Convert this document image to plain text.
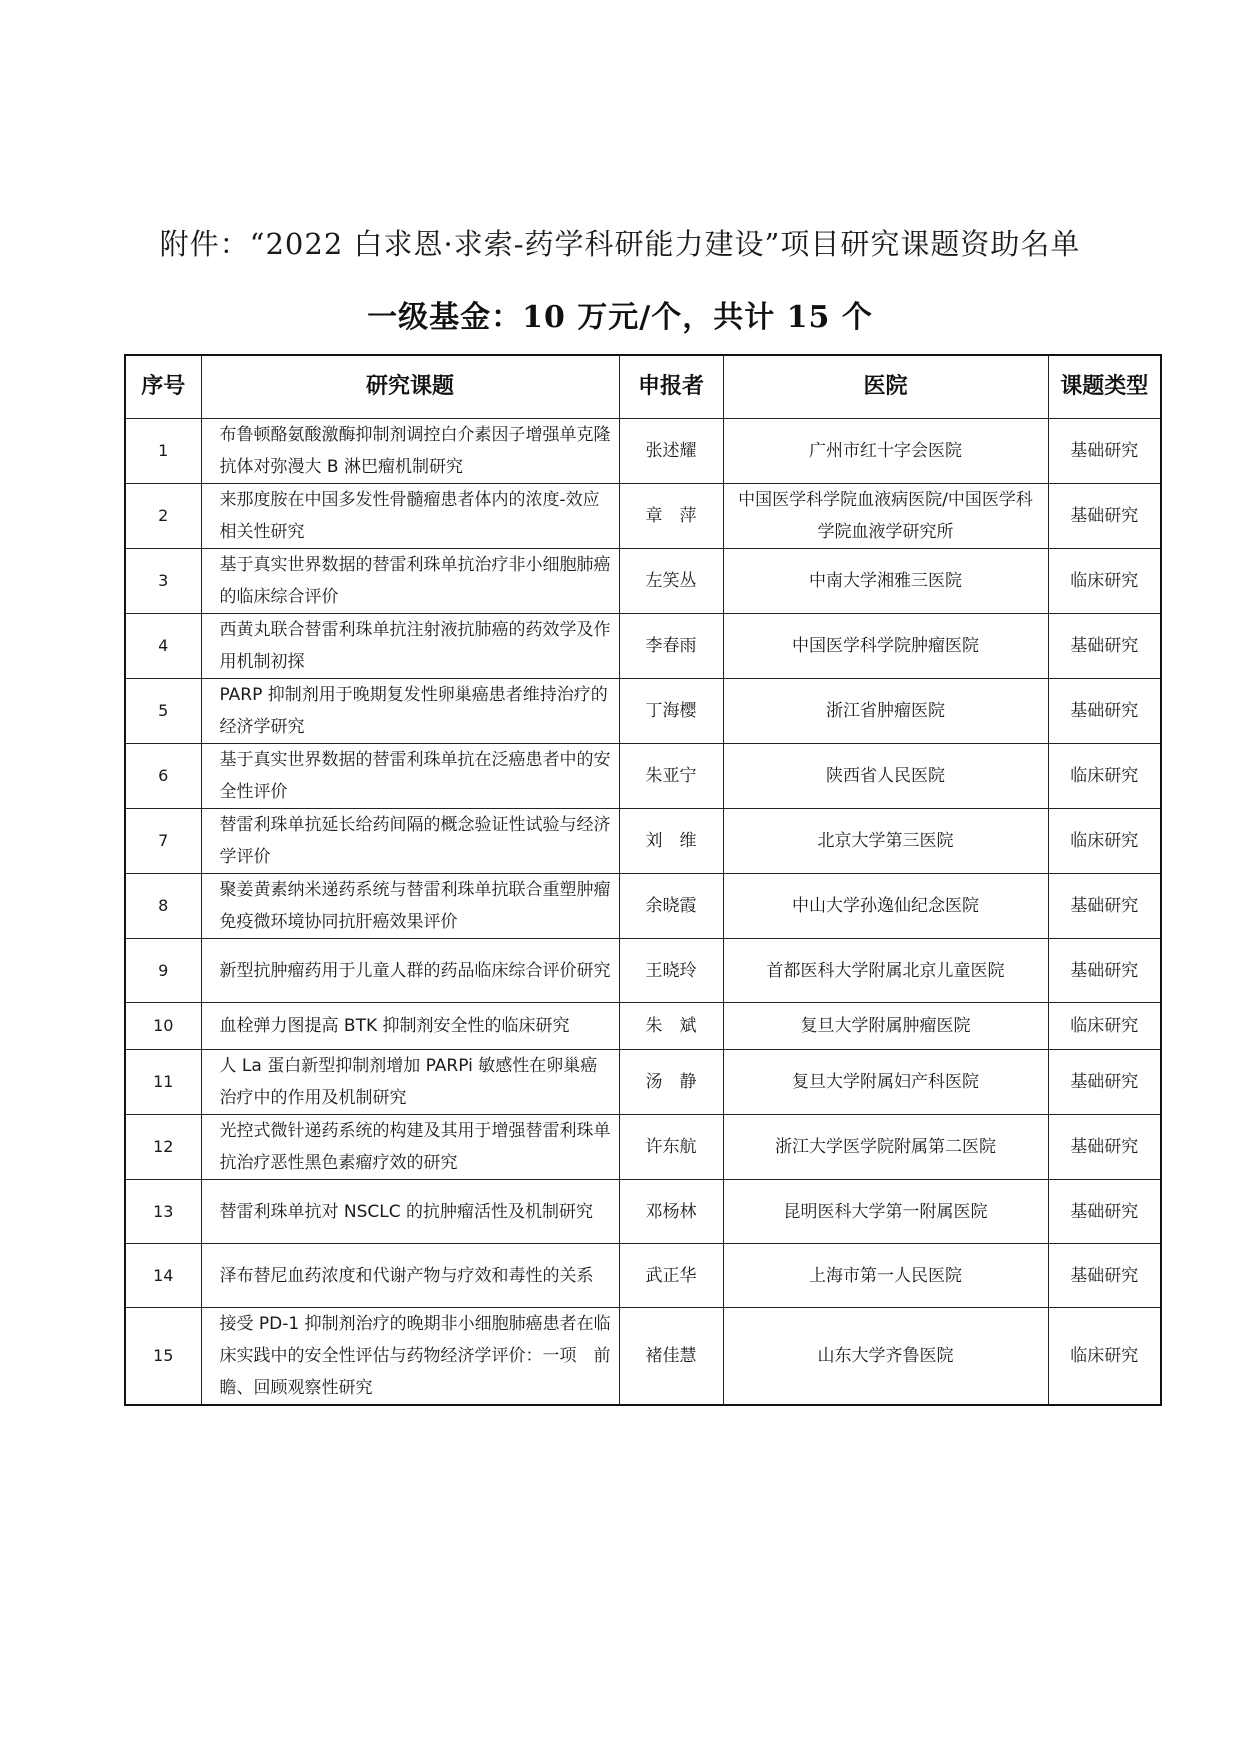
附件：“2022 白求恩·求索-药学科研能力建设”项目研究课题资助名单
一级基金：10 万元/个，共计 15 个
序号	研究课题	申报者	医院	课题类型
1	布鲁顿酪氨酸激酶抑制剂调控白介素因子增强单克隆抗体对弥漫大 B 淋巴瘤机制研究	张述耀	广州市红十字会医院	基础研究
2	来那度胺在中国多发性骨髓瘤患者体内的浓度-效应相关性研究	章　萍	中国医学科学院血液病医院/中国医学科学院血液学研究所	基础研究
3	基于真实世界数据的替雷利珠单抗治疗非小细胞肺癌的临床综合评价	左笑丛	中南大学湘雅三医院	临床研究
4	西黄丸联合替雷利珠单抗注射液抗肺癌的药效学及作用机制初探	李春雨	中国医学科学院肿瘤医院	基础研究
5	PARP 抑制剂用于晚期复发性卵巢癌患者维持治疗的经济学研究	丁海樱	浙江省肿瘤医院	基础研究
6	基于真实世界数据的替雷利珠单抗在泛癌患者中的安全性评价	朱亚宁	陕西省人民医院	临床研究
7	替雷利珠单抗延长给药间隔的概念验证性试验与经济学评价	刘　维	北京大学第三医院	临床研究
8	聚姜黄素纳米递药系统与替雷利珠单抗联合重塑肿瘤免疫微环境协同抗肝癌效果评价	余晓霞	中山大学孙逸仙纪念医院	基础研究
9	新型抗肿瘤药用于儿童人群的药品临床综合评价研究	王晓玲	首都医科大学附属北京儿童医院	基础研究
10	血栓弹力图提高 BTK 抑制剂安全性的临床研究	朱　斌	复旦大学附属肿瘤医院	临床研究
11	人 La 蛋白新型抑制剂增加 PARPi 敏感性在卵巢癌治疗中的作用及机制研究	汤　静	复旦大学附属妇产科医院	基础研究
12	光控式微针递药系统的构建及其用于增强替雷利珠单抗治疗恶性黑色素瘤疗效的研究	许东航	浙江大学医学院附属第二医院	基础研究
13	替雷利珠单抗对 NSCLC 的抗肿瘤活性及机制研究	邓杨林	昆明医科大学第一附属医院	基础研究
14	泽布替尼血药浓度和代谢产物与疗效和毒性的关系	武正华	上海市第一人民医院	基础研究
15	接受 PD-1 抑制剂治疗的晚期非小细胞肺癌患者在临床实践中的安全性评估与药物经济学评价：一项　前瞻、回顾观察性研究	褚佳慧	山东大学齐鲁医院	临床研究
